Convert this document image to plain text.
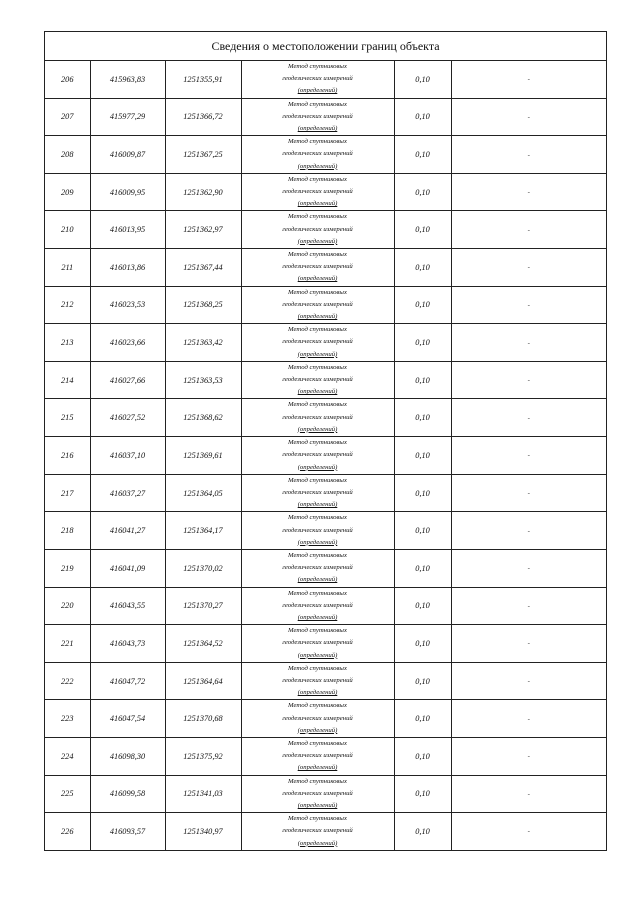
Сведения о местоположении границ объекта
206	415963,83	1251355,91	Метод спутниковых
геодезических измерений
(определений)	0,10	-
207	415977,29	1251366,72	Метод спутниковых
геодезических измерений
(определений)	0,10	-
208	416009,87	1251367,25	Метод спутниковых
геодезических измерений
(определений)	0,10	-
209	416009,95	1251362,90	Метод спутниковых
геодезических измерений
(определений)	0,10	-
210	416013,95	1251362,97	Метод спутниковых
геодезических измерений
(определений)	0,10	-
211	416013,86	1251367,44	Метод спутниковых
геодезических измерений
(определений)	0,10	-
212	416023,53	1251368,25	Метод спутниковых
геодезических измерений
(определений)	0,10	-
213	416023,66	1251363,42	Метод спутниковых
геодезических измерений
(определений)	0,10	-
214	416027,66	1251363,53	Метод спутниковых
геодезических измерений
(определений)	0,10	-
215	416027,52	1251368,62	Метод спутниковых
геодезических измерений
(определений)	0,10	-
216	416037,10	1251369,61	Метод спутниковых
геодезических измерений
(определений)	0,10	-
217	416037,27	1251364,05	Метод спутниковых
геодезических измерений
(определений)	0,10	-
218	416041,27	1251364,17	Метод спутниковых
геодезических измерений
(определений)	0,10	-
219	416041,09	1251370,02	Метод спутниковых
геодезических измерений
(определений)	0,10	-
220	416043,55	1251370,27	Метод спутниковых
геодезических измерений
(определений)	0,10	-
221	416043,73	1251364,52	Метод спутниковых
геодезических измерений
(определений)	0,10	-
222	416047,72	1251364,64	Метод спутниковых
геодезических измерений
(определений)	0,10	-
223	416047,54	1251370,68	Метод спутниковых
геодезических измерений
(определений)	0,10	-
224	416098,30	1251375,92	Метод спутниковых
геодезических измерений
(определений)	0,10	-
225	416099,58	1251341,03	Метод спутниковых
геодезических измерений
(определений)	0,10	-
226	416093,57	1251340,97	Метод спутниковых
геодезических измерений
(определений)	0,10	-
